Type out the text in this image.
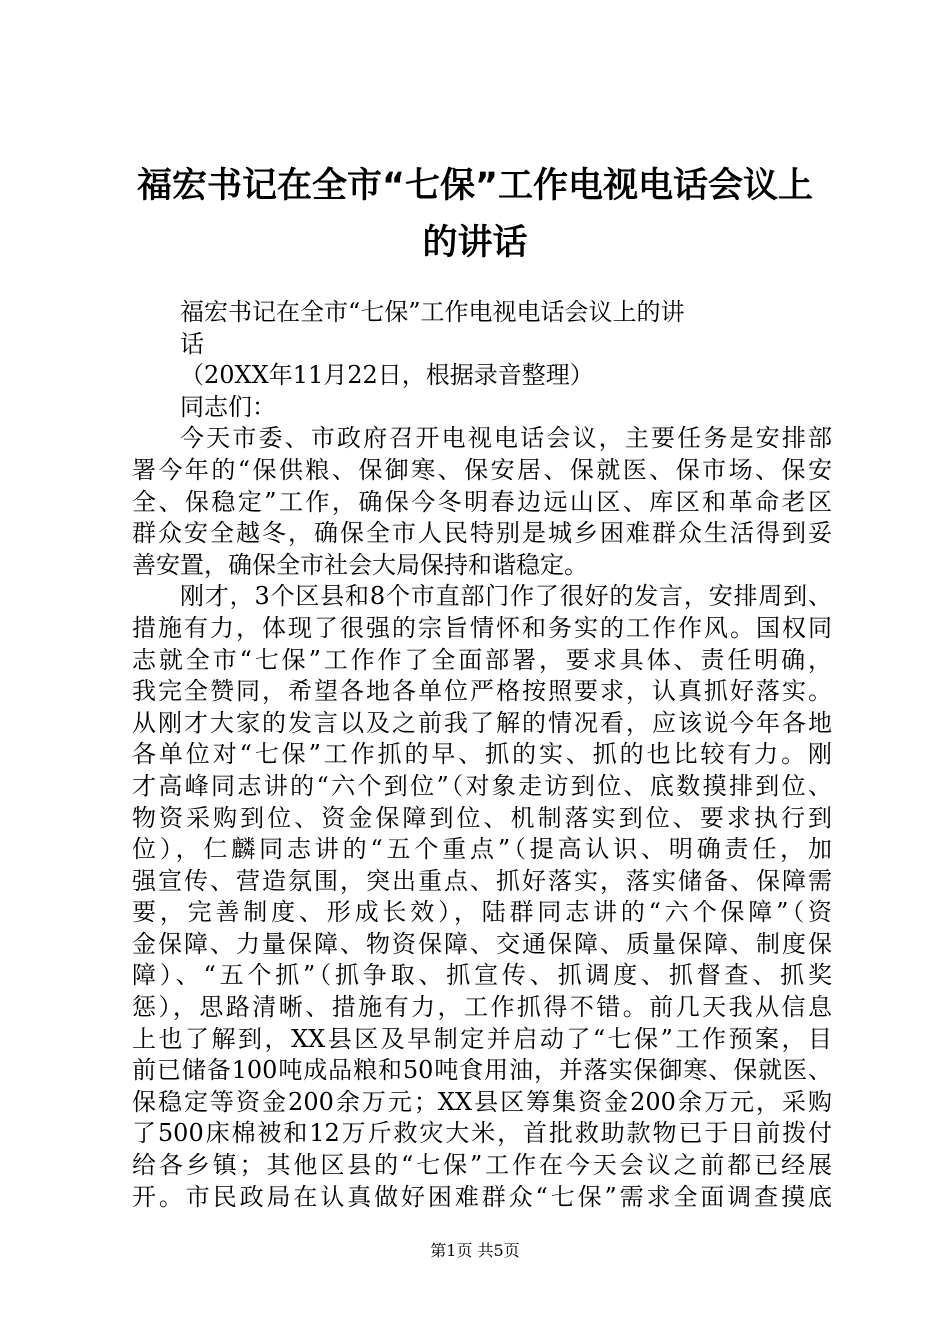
福宏书记在全市“七保”工作电视电话会议上
的讲话
福宏书记在全市“七保”工作电视电话会议上的讲
话
（20XX年11月22日，根据录音整理）
同志们：
今天市委、市政府召开电视电话会议，主要任务是安排部
署今年的“保供粮、保御寒、保安居、保就医、保市场、保安
全、保稳定”工作，确保今冬明春边远山区、库区和革命老区
群众安全越冬，确保全市人民特别是城乡困难群众生活得到妥
善安置，确保全市社会大局保持和谐稳定。
刚才，3个区县和8个市直部门作了很好的发言，安排周到、
措施有力，体现了很强的宗旨情怀和务实的工作作风。国权同
志就全市“七保”工作作了全面部署，要求具体、责任明确，
我完全赞同，希望各地各单位严格按照要求，认真抓好落实。
从刚才大家的发言以及之前我了解的情况看，应该说今年各地
各单位对“七保”工作抓的早、抓的实、抓的也比较有力。刚
才高峰同志讲的“六个到位”（对象走访到位、底数摸排到位、
物资采购到位、资金保障到位、机制落实到位、要求执行到
位），仁麟同志讲的“五个重点”（提高认识、明确责任，加
强宣传、营造氛围，突出重点、抓好落实，落实储备、保障需
要，完善制度、形成长效），陆群同志讲的“六个保障”（资
金保障、力量保障、物资保障、交通保障、质量保障、制度保
障）、“五个抓”（抓争取、抓宣传、抓调度、抓督查、抓奖
惩），思路清晰、措施有力，工作抓得不错。前几天我从信息
上也了解到，XX县区及早制定并启动了“七保”工作预案，目
前已储备100吨成品粮和50吨食用油，并落实保御寒、保就医、
保稳定等资金200余万元；XX县区筹集资金200余万元，采购
了500床棉被和12万斤救灾大米，首批救助款物已于日前拨付
给各乡镇；其他区县的“七保”工作在今天会议之前都已经展
开。市民政局在认真做好困难群众“七保”需求全面调查摸底
第1页 共5页
